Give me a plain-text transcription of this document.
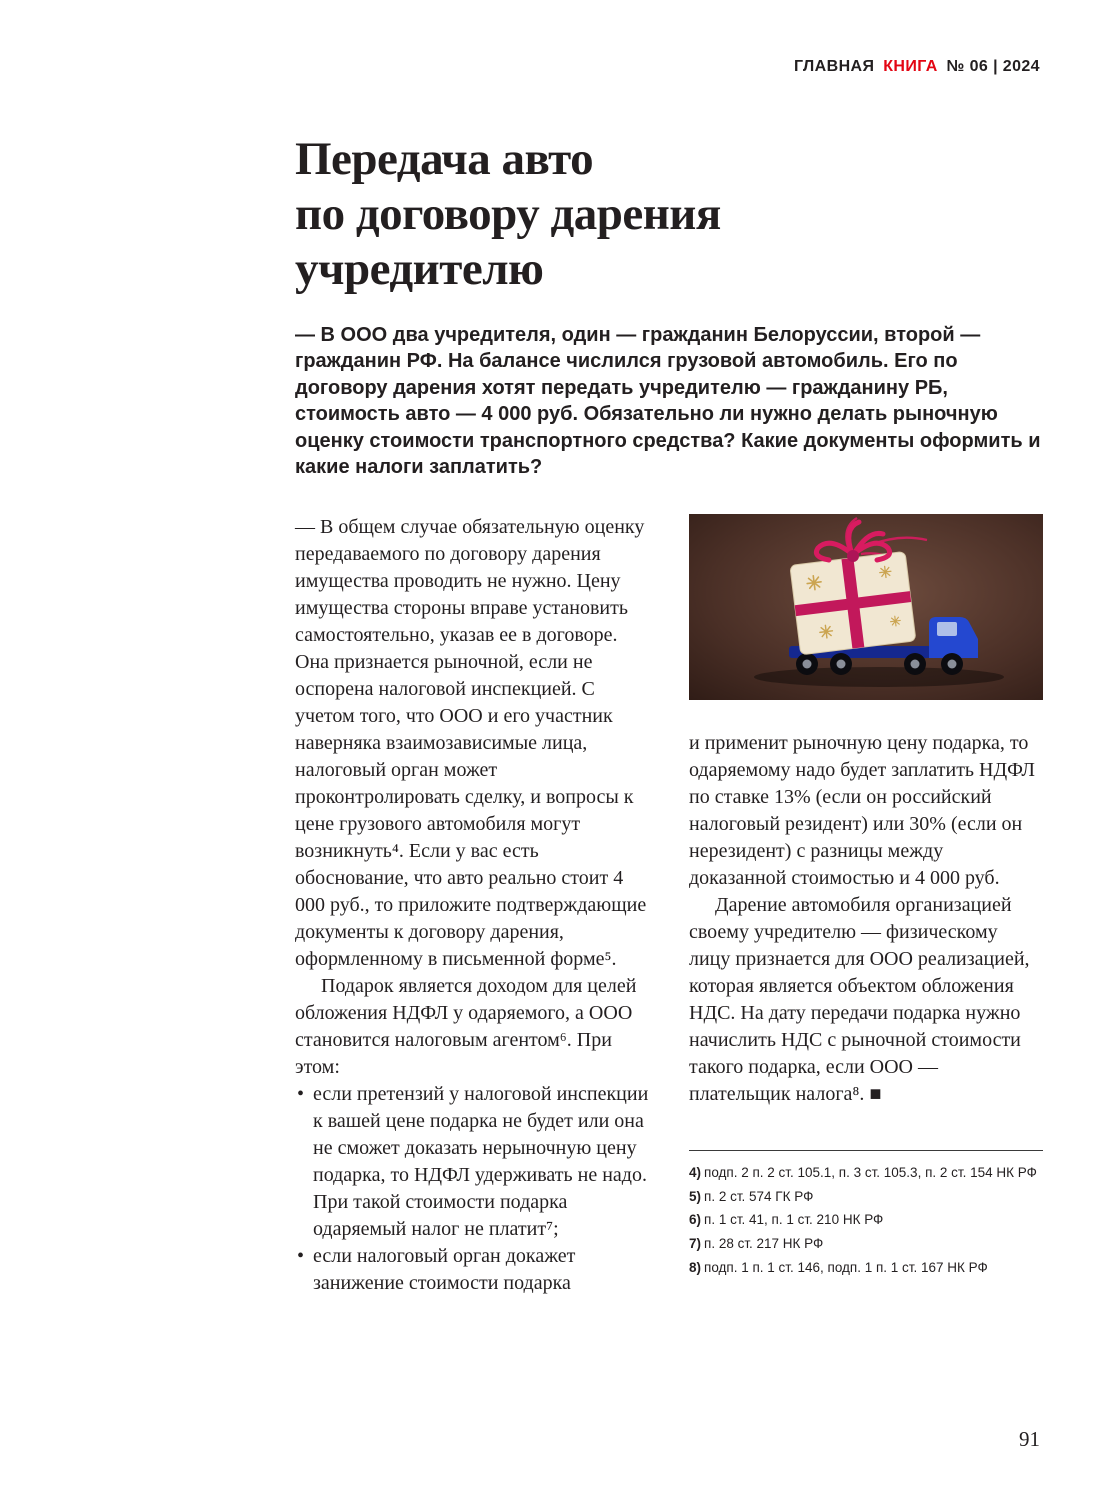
ГЛАВНАЯ КНИГА № 06 | 2024
Передача авто
по договору дарения
учредителю

— В ООО два учредителя, один — гражданин Белоруссии, второй — гражданин РФ. На балансе числился грузовой автомобиль. Его по договору дарения хотят передать учредителю — гражданину РБ, стоимость авто — 4 000 руб. Обязательно ли нужно делать рыночную оценку стоимости транспортного средства? Какие документы оформить и какие налоги заплатить?

— В общем случае обязательную оценку передаваемого по договору дарения имущества проводить не нужно. Цену имущества стороны вправе установить самостоятельно, указав ее в договоре. Она признается рыночной, если не оспорена налоговой инспекцией. С учетом того, что ООО и его участник наверняка взаимозависимые лица, налоговый орган может проконтролировать сделку, и вопросы к цене грузового автомобиля могут возникнуть⁴. Если у вас есть обоснование, что авто реально стоит 4 000 руб., то приложите подтверждающие документы к договору дарения, оформленному в письменной форме⁵.

Подарок является доходом для целей обложения НДФЛ у одаряемого, а ООО становится налоговым агентом⁶. При этом:

• если претензий у налоговой инспекции к вашей цене подарка не будет или она не сможет доказать нерыночную цену подарка, то НДФЛ удерживать не надо. При такой стоимости подарка одаряемый налог не платит⁷;
• если налоговый орган докажет занижение стоимости подарка

и применит рыночную цену подарка, то одаряемому надо будет заплатить НДФЛ по ставке 13% (если он российский налоговый резидент) или 30% (если он нерезидент) с разницы между доказанной стоимостью и 4 000 руб.

Дарение автомобиля организацией своему учредителю — физическому лицу признается для ООО реализацией, которая является объектом обложения НДС. На дату передачи подарка нужно начислить НДС с рыночной стоимости такого подарка, если ООО — плательщик налога⁸. ■

4) подп. 2 п. 2 ст. 105.1, п. 3 ст. 105.3, п. 2 ст. 154 НК РФ
5) п. 2 ст. 574 ГК РФ
6) п. 1 ст. 41, п. 1 ст. 210 НК РФ
7) п. 28 ст. 217 НК РФ
8) подп. 1 п. 1 ст. 146, подп. 1 п. 1 ст. 167 НК РФ
91
